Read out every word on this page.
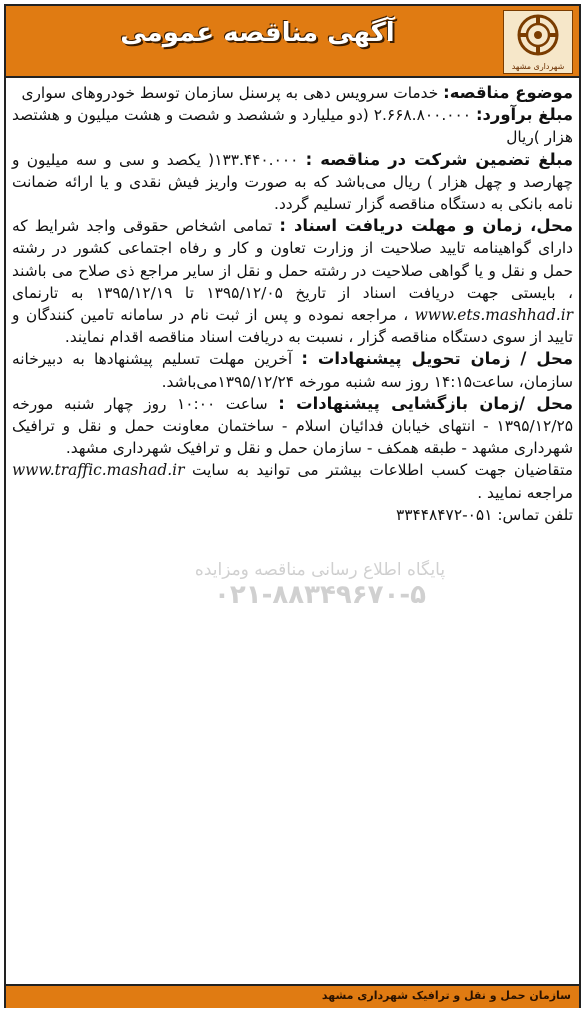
آگهی مناقصه عمومی
شهرداری مشهد

موضوع مناقصه: خدمات سرویس دهی به پرسنل سازمان توسط خودروهای سواری

مبلغ برآورد: ۲.۶۶۸.۸۰۰.۰۰۰ (دو میلیارد و ششصد و شصت و هشت میلیون و هشتصد هزار )ریال

مبلغ تضمین شرکت در مناقصه : ۱۳۳.۴۴۰.۰۰۰( یکصد و سی و سه میلیون و چهارصد و چهل هزار ) ریال می‌باشد که به صورت واریز فیش نقدی و یا ارائه ضمانت نامه بانکی به دستگاه مناقصه گزار تسلیم گردد.

محل، زمان و مهلت دریافت اسناد : تمامی اشخاص حقوقی واجد شرایط که دارای گواهینامه تایید صلاحیت از وزارت تعاون و کار و رفاه اجتماعی کشور در رشته حمل و نقل و یا گواهی صلاحیت در رشته حمل و نقل از سایر مراجع ذی صلاح می باشند ، بایستی جهت دریافت اسناد از تاریخ ۱۳۹۵/۱۲/۰۵ تا ۱۳۹۵/۱۲/۱۹ به تارنمای www.ets.mashhad.ir ، مراجعه نموده و پس از ثبت نام در سامانه تامین کنندگان و تایید از سوی دستگاه مناقصه گزار ، نسبت به دریافت اسناد مناقصه اقدام نمایند.

محل / زمان تحویل پیشنهادات : آخرین مهلت تسلیم پیشنهادها به دبیرخانه سازمان، ساعت۱۴:۱۵ روز سه شنبه مورخه ۱۳۹۵/۱۲/۲۴می‌باشد.

محل /زمان بازگشایی پیشنهادات : ساعت ۱۰:۰۰ روز چهار شنبه مورخه ۱۳۹۵/۱۲/۲۵ - انتهای خیابان فدائیان اسلام - ساختمان معاونت حمل و نقل و ترافیک شهرداری مشهد - طبقه همکف - سازمان حمل و نقل و ترافیک شهرداری مشهد.

متقاضیان جهت کسب اطلاعات بیشتر می توانید به سایت www.traffic.mashad.ir مراجعه نمایید .

تلفن تماس: ۰۵۱-۳۳۴۴۸۴۷۲

پایگاه اطلاع رسانی مناقصه ومزایده
۰۲۱-۸۸۳۴۹۶۷۰-۵
سازمان حمل و نقل و ترافیک شهرداری مشهد
